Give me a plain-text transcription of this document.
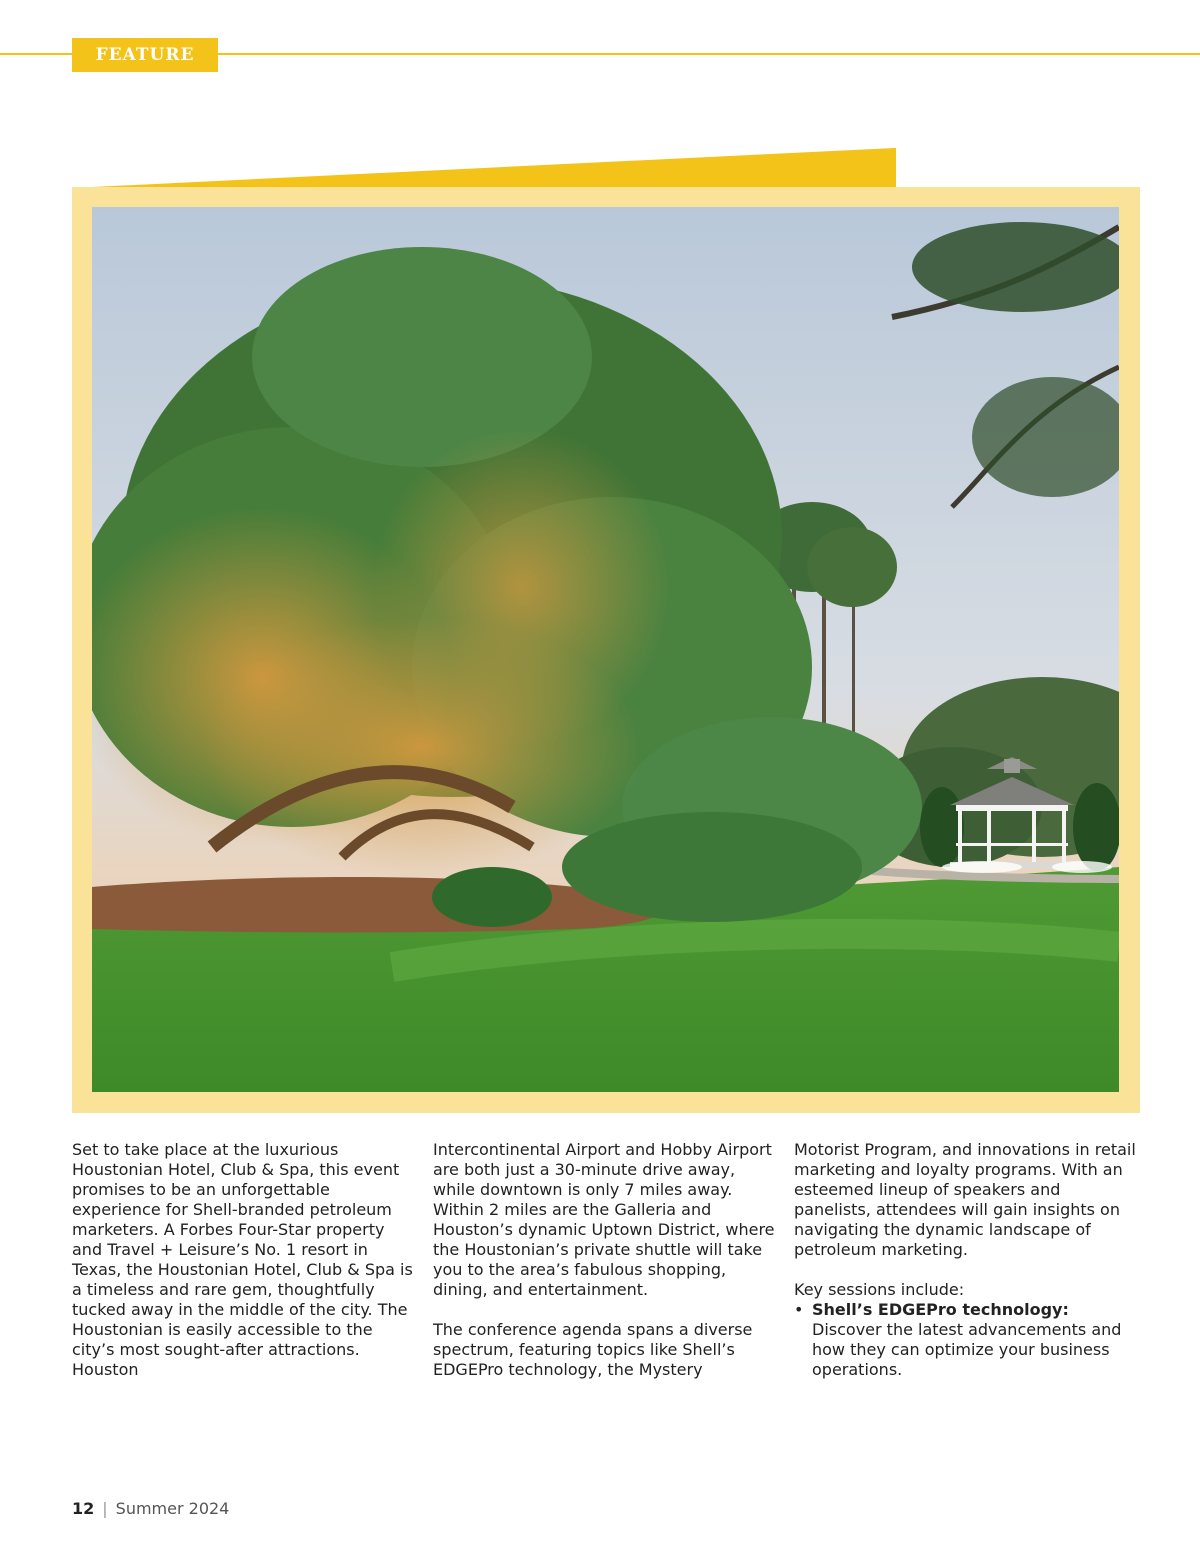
FEATURE

Set to take place at the luxurious Houstonian Hotel, Club & Spa, this event promises to be an unforgettable experience for Shell-branded petroleum marketers. A Forbes Four-Star property and Travel + Leisure’s No. 1 resort in Texas, the Houstonian Hotel, Club & Spa is a timeless and rare gem, thoughtfully tucked away in the middle of the city. The Houstonian is easily accessible to the city’s most sought-after attractions. Houston

Intercontinental Airport and Hobby Airport are both just a 30-minute drive away, while downtown is only 7 miles away. Within 2 miles are the Galleria and Houston’s dynamic Uptown District, where the Houstonian’s private shuttle will take you to the area’s fabulous shopping, dining, and entertainment.

The conference agenda spans a diverse spectrum, featuring topics like Shell’s EDGEPro technology, the Mystery

Motorist Program, and innovations in retail marketing and loyalty programs. With an esteemed lineup of speakers and panelists, attendees will gain insights on navigating the dynamic landscape of petroleum marketing.

Key sessions include:

• Shell’s EDGEPro technology:
Discover the latest advancements and how they can optimize your business operations.
12 | Summer 2024
